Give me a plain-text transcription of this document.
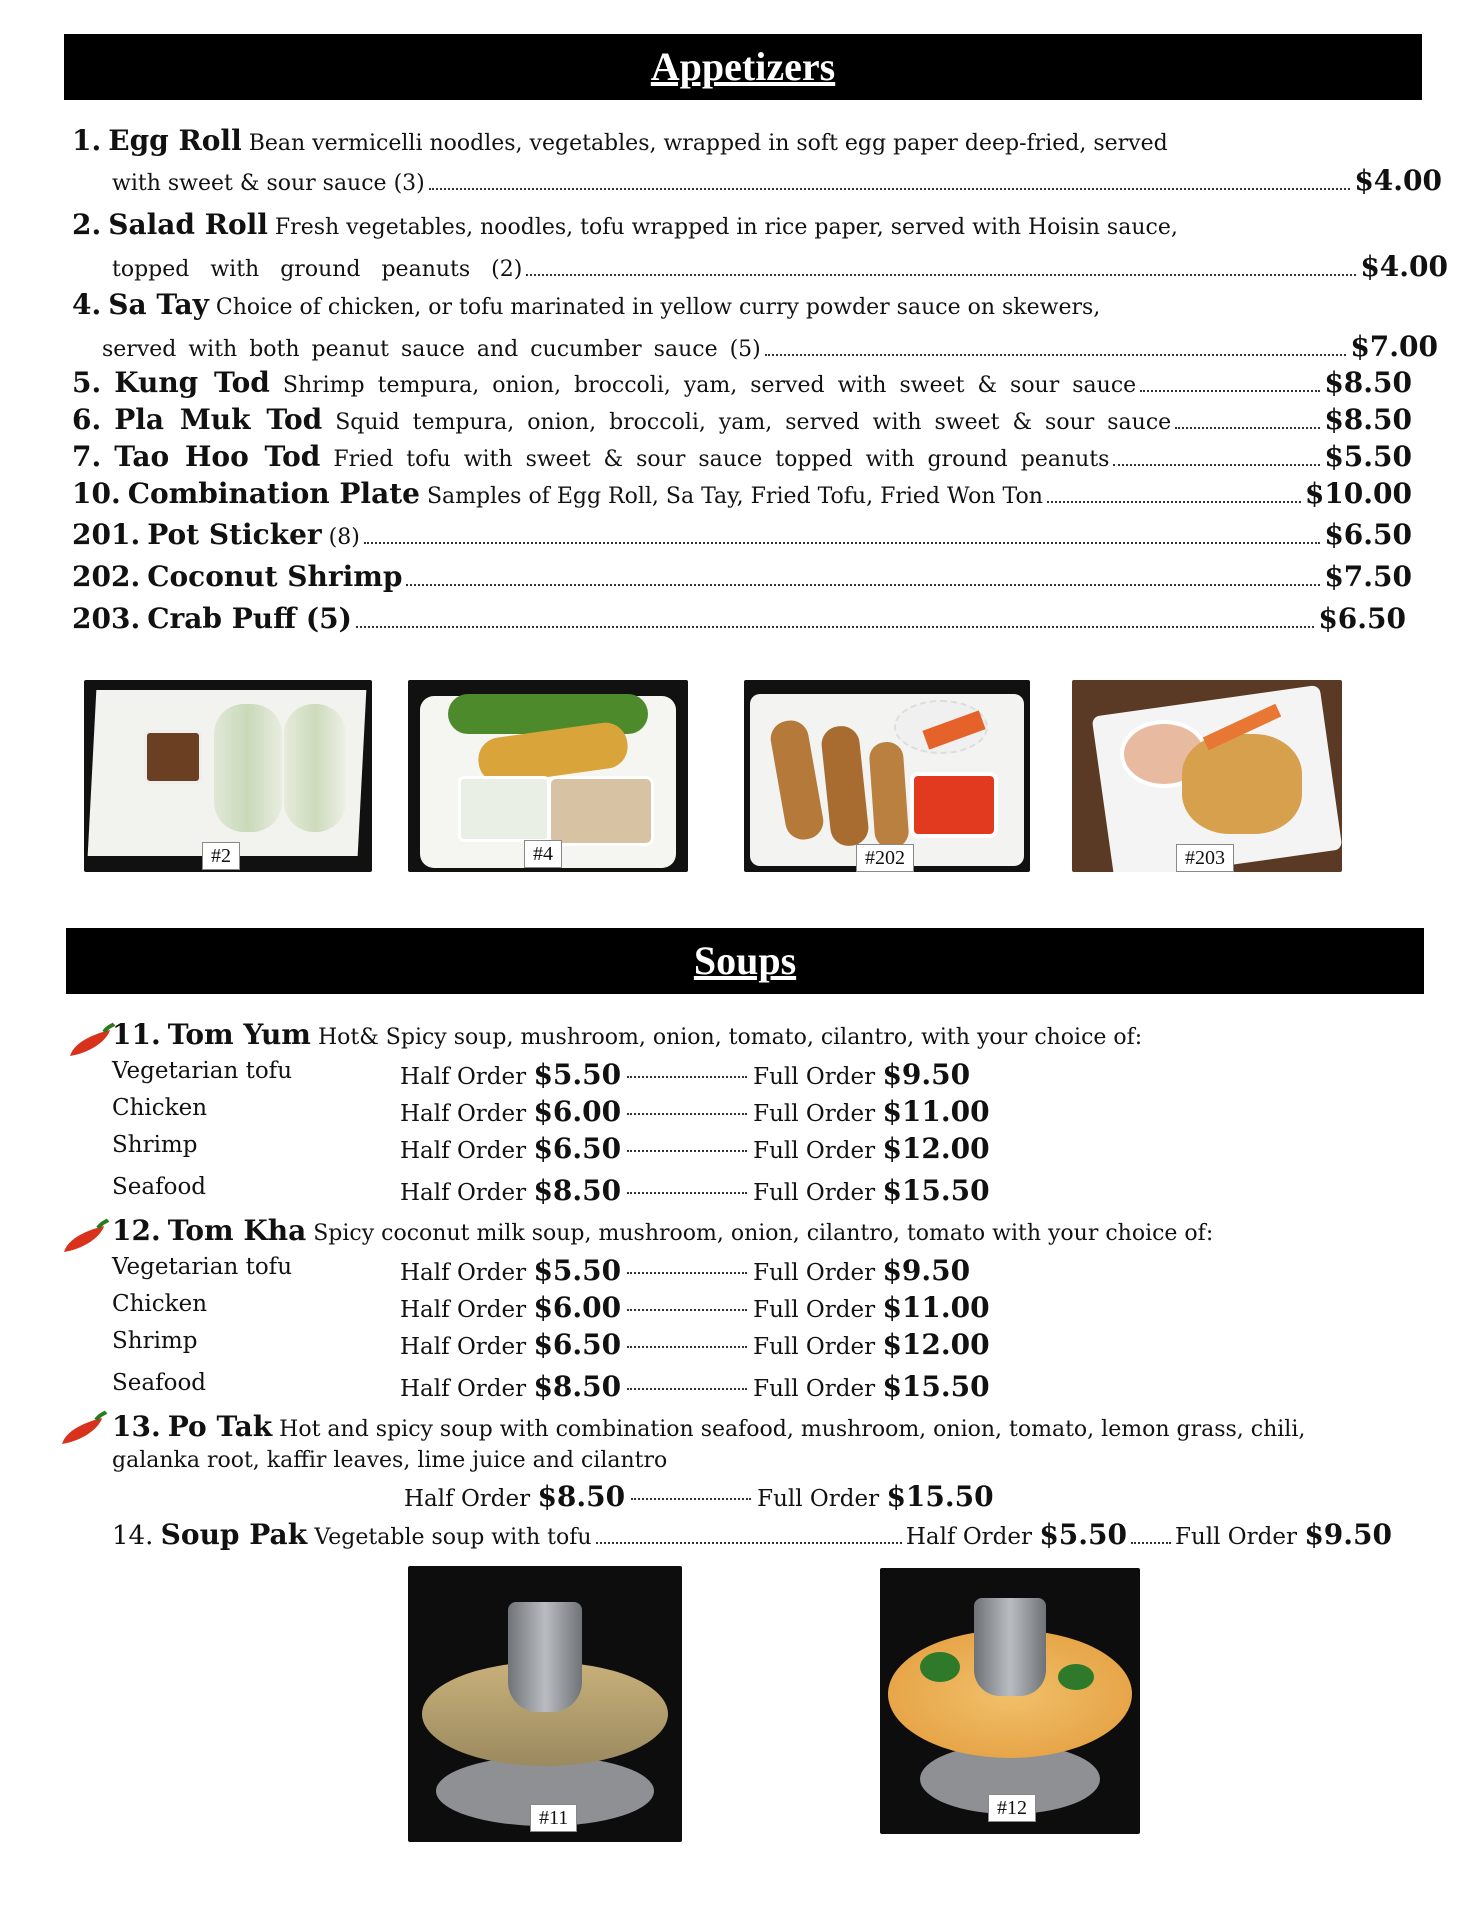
Appetizers
1. Egg Roll Bean vermicelli noodles, vegetables, wrapped in soft egg paper deep-fried, served
with sweet & sour sauce (3)	$4.00
2. Salad Roll Fresh vegetables, noodles, tofu wrapped in rice paper, served with Hoisin sauce,
topped with ground peanuts (2)	$4.00
4. Sa Tay Choice of chicken, or tofu marinated in yellow curry powder sauce on skewers,
served with both peanut sauce and cucumber sauce (5)	$7.00
5. Kung Tod Shrimp tempura, onion, broccoli, yam, served with sweet & sour sauce	$8.50
6. Pla Muk Tod Squid tempura, onion, broccoli, yam, served with sweet & sour sauce	$8.50
7. Tao Hoo Tod Fried tofu with sweet & sour sauce topped with ground peanuts	$5.50
10. Combination Plate Samples of Egg Roll, Sa Tay, Fried Tofu, Fried Won Ton	$10.00
201. Pot Sticker (8)	$6.50
202. Coconut Shrimp	$7.50
203. Crab Puff (5)	$6.50
#2	#4	#202	#203
Soups
11. Tom Yum Hot& Spicy soup, mushroom, onion, tomato, cilantro, with your choice of:
Vegetarian tofu	Half Order $5.50	Full Order $9.50
Chicken	Half Order $6.00	Full Order $11.00
Shrimp	Half Order $6.50	Full Order $12.00
Seafood	Half Order $8.50	Full Order $15.50
12. Tom Kha Spicy coconut milk soup, mushroom, onion, cilantro, tomato with your choice of:
Vegetarian tofu	Half Order $5.50	Full Order $9.50
Chicken	Half Order $6.00	Full Order $11.00
Shrimp	Half Order $6.50	Full Order $12.00
Seafood	Half Order $8.50	Full Order $15.50
13. Po Tak Hot and spicy soup with combination seafood, mushroom, onion, tomato, lemon grass, chili,
galanka root, kaffir leaves, lime juice and cilantro
Half Order $8.50	Full Order $15.50
14. Soup Pak Vegetable soup with tofu	Half Order $5.50 Full Order $9.50
#11	#12
